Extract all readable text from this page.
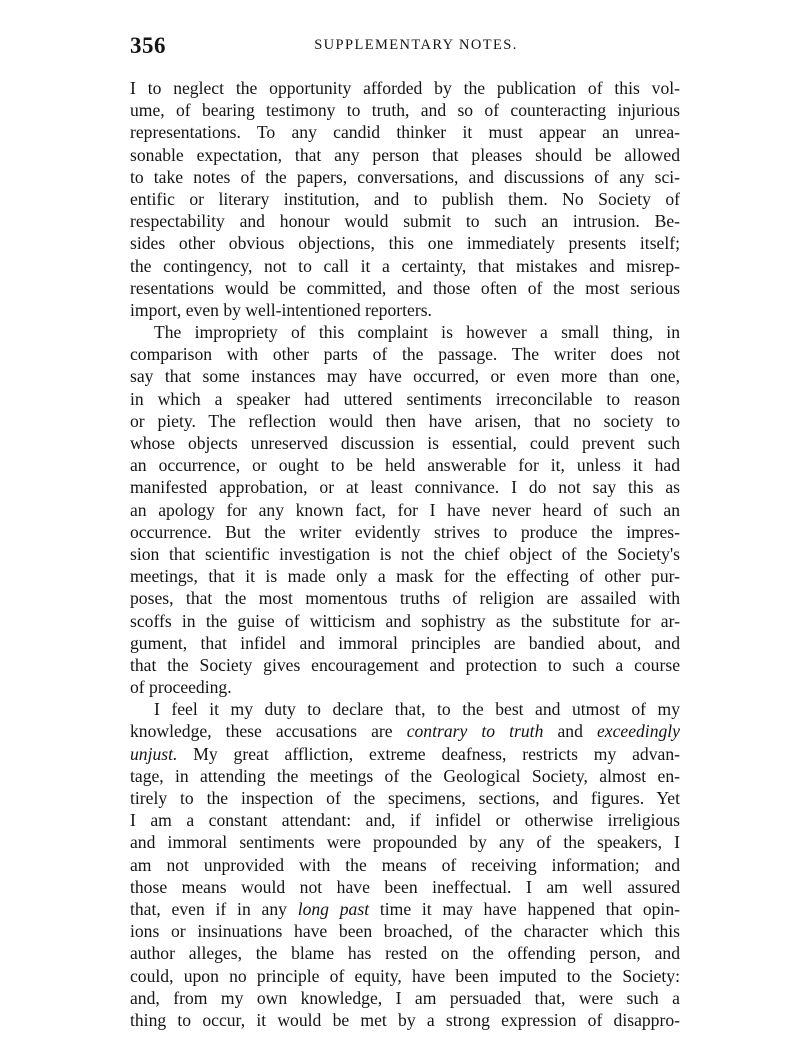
356	SUPPLEMENTARY NOTES.
I to neglect the opportunity afforded by the publication of this vol-
ume, of bearing testimony to truth, and so of counteracting injurious
representations. To any candid thinker it must appear an unrea-
sonable expectation, that any person that pleases should be allowed
to take notes of the papers, conversations, and discussions of any sci-
entific or literary institution, and to publish them. No Society of
respectability and honour would submit to such an intrusion. Be-
sides other obvious objections, this one immediately presents itself;
the contingency, not to call it a certainty, that mistakes and misrep-
resentations would be committed, and those often of the most serious
import, even by well-intentioned reporters.
The impropriety of this complaint is however a small thing, in
comparison with other parts of the passage. The writer does not
say that some instances may have occurred, or even more than one,
in which a speaker had uttered sentiments irreconcilable to reason
or piety. The reflection would then have arisen, that no society to
whose objects unreserved discussion is essential, could prevent such
an occurrence, or ought to be held answerable for it, unless it had
manifested approbation, or at least connivance. I do not say this as
an apology for any known fact, for I have never heard of such an
occurrence. But the writer evidently strives to produce the impres-
sion that scientific investigation is not the chief object of the Society's
meetings, that it is made only a mask for the effecting of other pur-
poses, that the most momentous truths of religion are assailed with
scoffs in the guise of witticism and sophistry as the substitute for ar-
gument, that infidel and immoral principles are bandied about, and
that the Society gives encouragement and protection to such a course
of proceeding.
I feel it my duty to declare that, to the best and utmost of my
knowledge, these accusations are contrary to truth and exceedingly
unjust. My great affliction, extreme deafness, restricts my advan-
tage, in attending the meetings of the Geological Society, almost en-
tirely to the inspection of the specimens, sections, and figures. Yet
I am a constant attendant: and, if infidel or otherwise irreligious
and immoral sentiments were propounded by any of the speakers, I
am not unprovided with the means of receiving information; and
those means would not have been ineffectual. I am well assured
that, even if in any long past time it may have happened that opin-
ions or insinuations have been broached, of the character which this
author alleges, the blame has rested on the offending person, and
could, upon no principle of equity, have been imputed to the Society:
and, from my own knowledge, I am persuaded that, were such a
thing to occur, it would be met by a strong expression of disappro-
